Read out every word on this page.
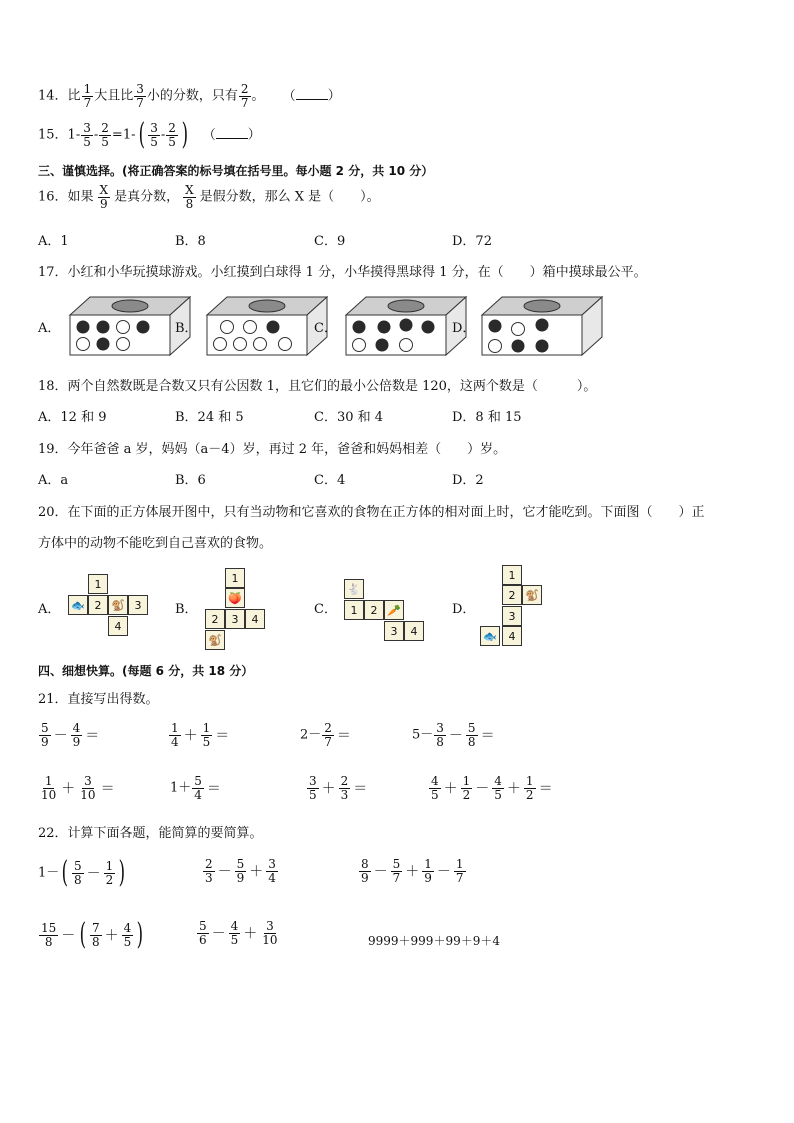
14．比 $\frac{1}{7}$ 大且比 $\frac{3}{7}$ 小的分数，只有 $\frac{2}{7}$ 。 （ ）
15．$1- \frac{3}{5} - \frac{2}{5} =1-( \frac{3}{5} - \frac{2}{5}$ ) （ ）
三、谨慎选择。(将正确答案的标号填在括号里。每小题 2 分，共 10 分）
16．如果 $\frac{X}{9}$ 是真分数， $\frac{X}{8}$ 是假分数，那么 X 是（　　）。
A．1	B．8	C．9	D．72
17．小红和小华玩摸球游戏。小红摸到白球得 1 分，小华摸得黑球得 1 分，在（　　）箱中摸球最公平。
A．	B．	C．	D．
18．两个自然数既是合数又只有公因数 1，且它们的最小公倍数是 120，这两个数是（　　　）。
A．12 和 9	B．24 和 5	C．30 和 4	D．8 和 15
19．今年爸爸 a 岁，妈妈（a－4）岁，再过 2 年，爸爸和妈妈相差（　　）岁。
A．a	B．6	C．4	D．2
20．在下面的正方体展开图中，只有当动物和它喜欢的食物在正方体的相对面上时，它才能吃到。下面图（　　）正
方体中的动物不能吃到自己喜欢的食物。
A．
1
🐟 2 🐒 3
4
B．
1
🍑
2	3	4
🐒
C．
🐇
1	2 🥕
3	4
D．
1
2 🐒
3
🐟	4
四、细想快算。(每题 6 分，共 18 分）
21．直接写出得数。
$\frac{5}{9} - \frac{4}{9}$ ＝	$\frac{1}{4} + \frac{1}{5}$ ＝	$2- \frac{2}{7}$ ＝	$5- \frac{3}{8} - \frac{5}{8}$ ＝
$\frac{1}{10} + \frac{3}{10}$ ＝	$1+ \frac{5}{4}$ ＝	$\frac{3}{5} + \frac{2}{3}$ ＝	$\frac{4}{5} + \frac{1}{2} - \frac{4}{5} + \frac{1}{2}$ ＝
22．计算下面各题，能简算的要简算。
$1-( \frac{5}{8} - \frac{1}{2}$ )	$\frac{2}{3} - \frac{5}{9} + \frac{3}{4}$	$\frac{8}{9} - \frac{5}{7} + \frac{1}{9} - \frac{1}{7}$
$\frac{15}{8}$ － ( $\frac{7}{8} + \frac{4}{5}$ )	$\frac{5}{6} - \frac{4}{5} + \frac{3}{10}$	9999＋999＋99＋9＋4
